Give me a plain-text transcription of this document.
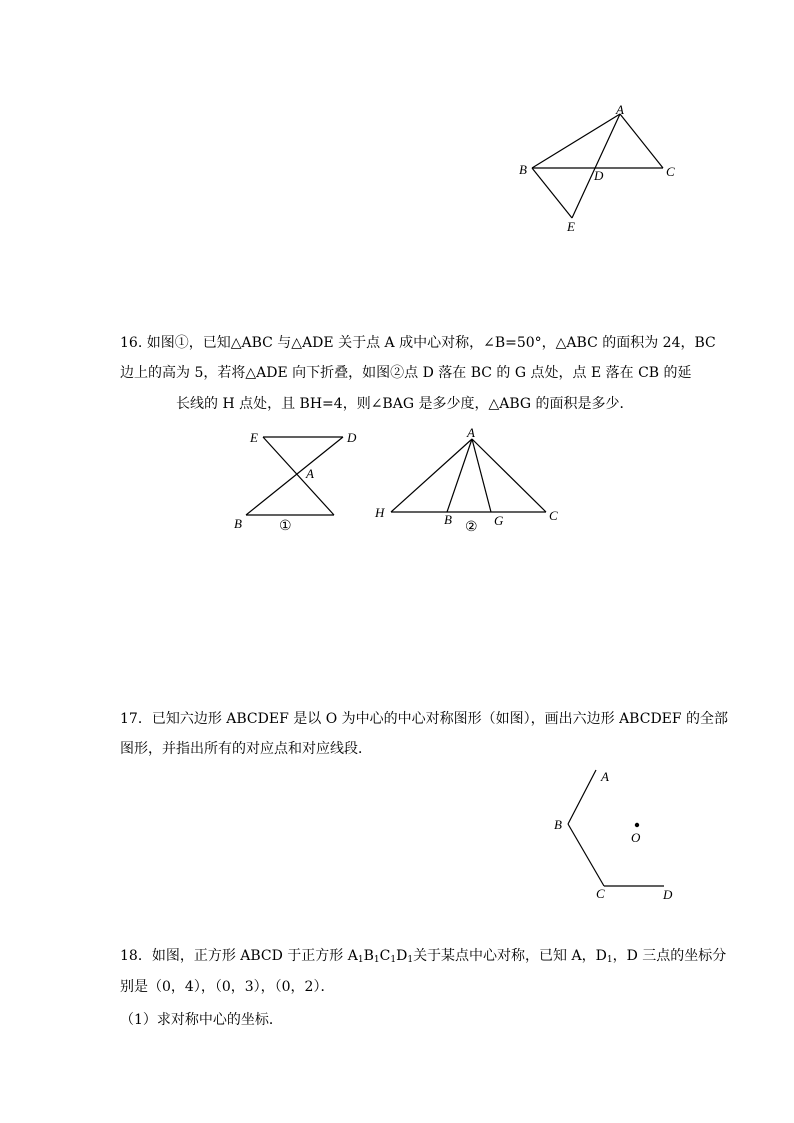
A
B	D	C
E
16. 如图①，已知△ABC 与△ADE 关于点 A 成中心对称，∠B=50°，△ABC 的面积为 24，BC
边上的高为 5，若将△ADE 向下折叠，如图②点 D 落在 BC 的 G 点处，点 E 落在 CB 的延
长线的 H 点处，且 BH=4，则∠BAG 是多少度，△ABG 的面积是多少．
E	D
A
B	①
A
H	B	G	C
②
17．已知六边形 ABCDEF 是以 O 为中心的中心对称图形（如图），画出六边形 ABCDEF 的全部
图形，并指出所有的对应点和对应线段．
A
B
O
C	D
18．如图，正方形 ABCD 于正方形 $A_1B_1C_1D_1$关于某点中心对称，已知 A，$D_1$，D 三点的坐标分
别是（0，4），（0，3），（0，2）．
（1）求对称中心的坐标．
